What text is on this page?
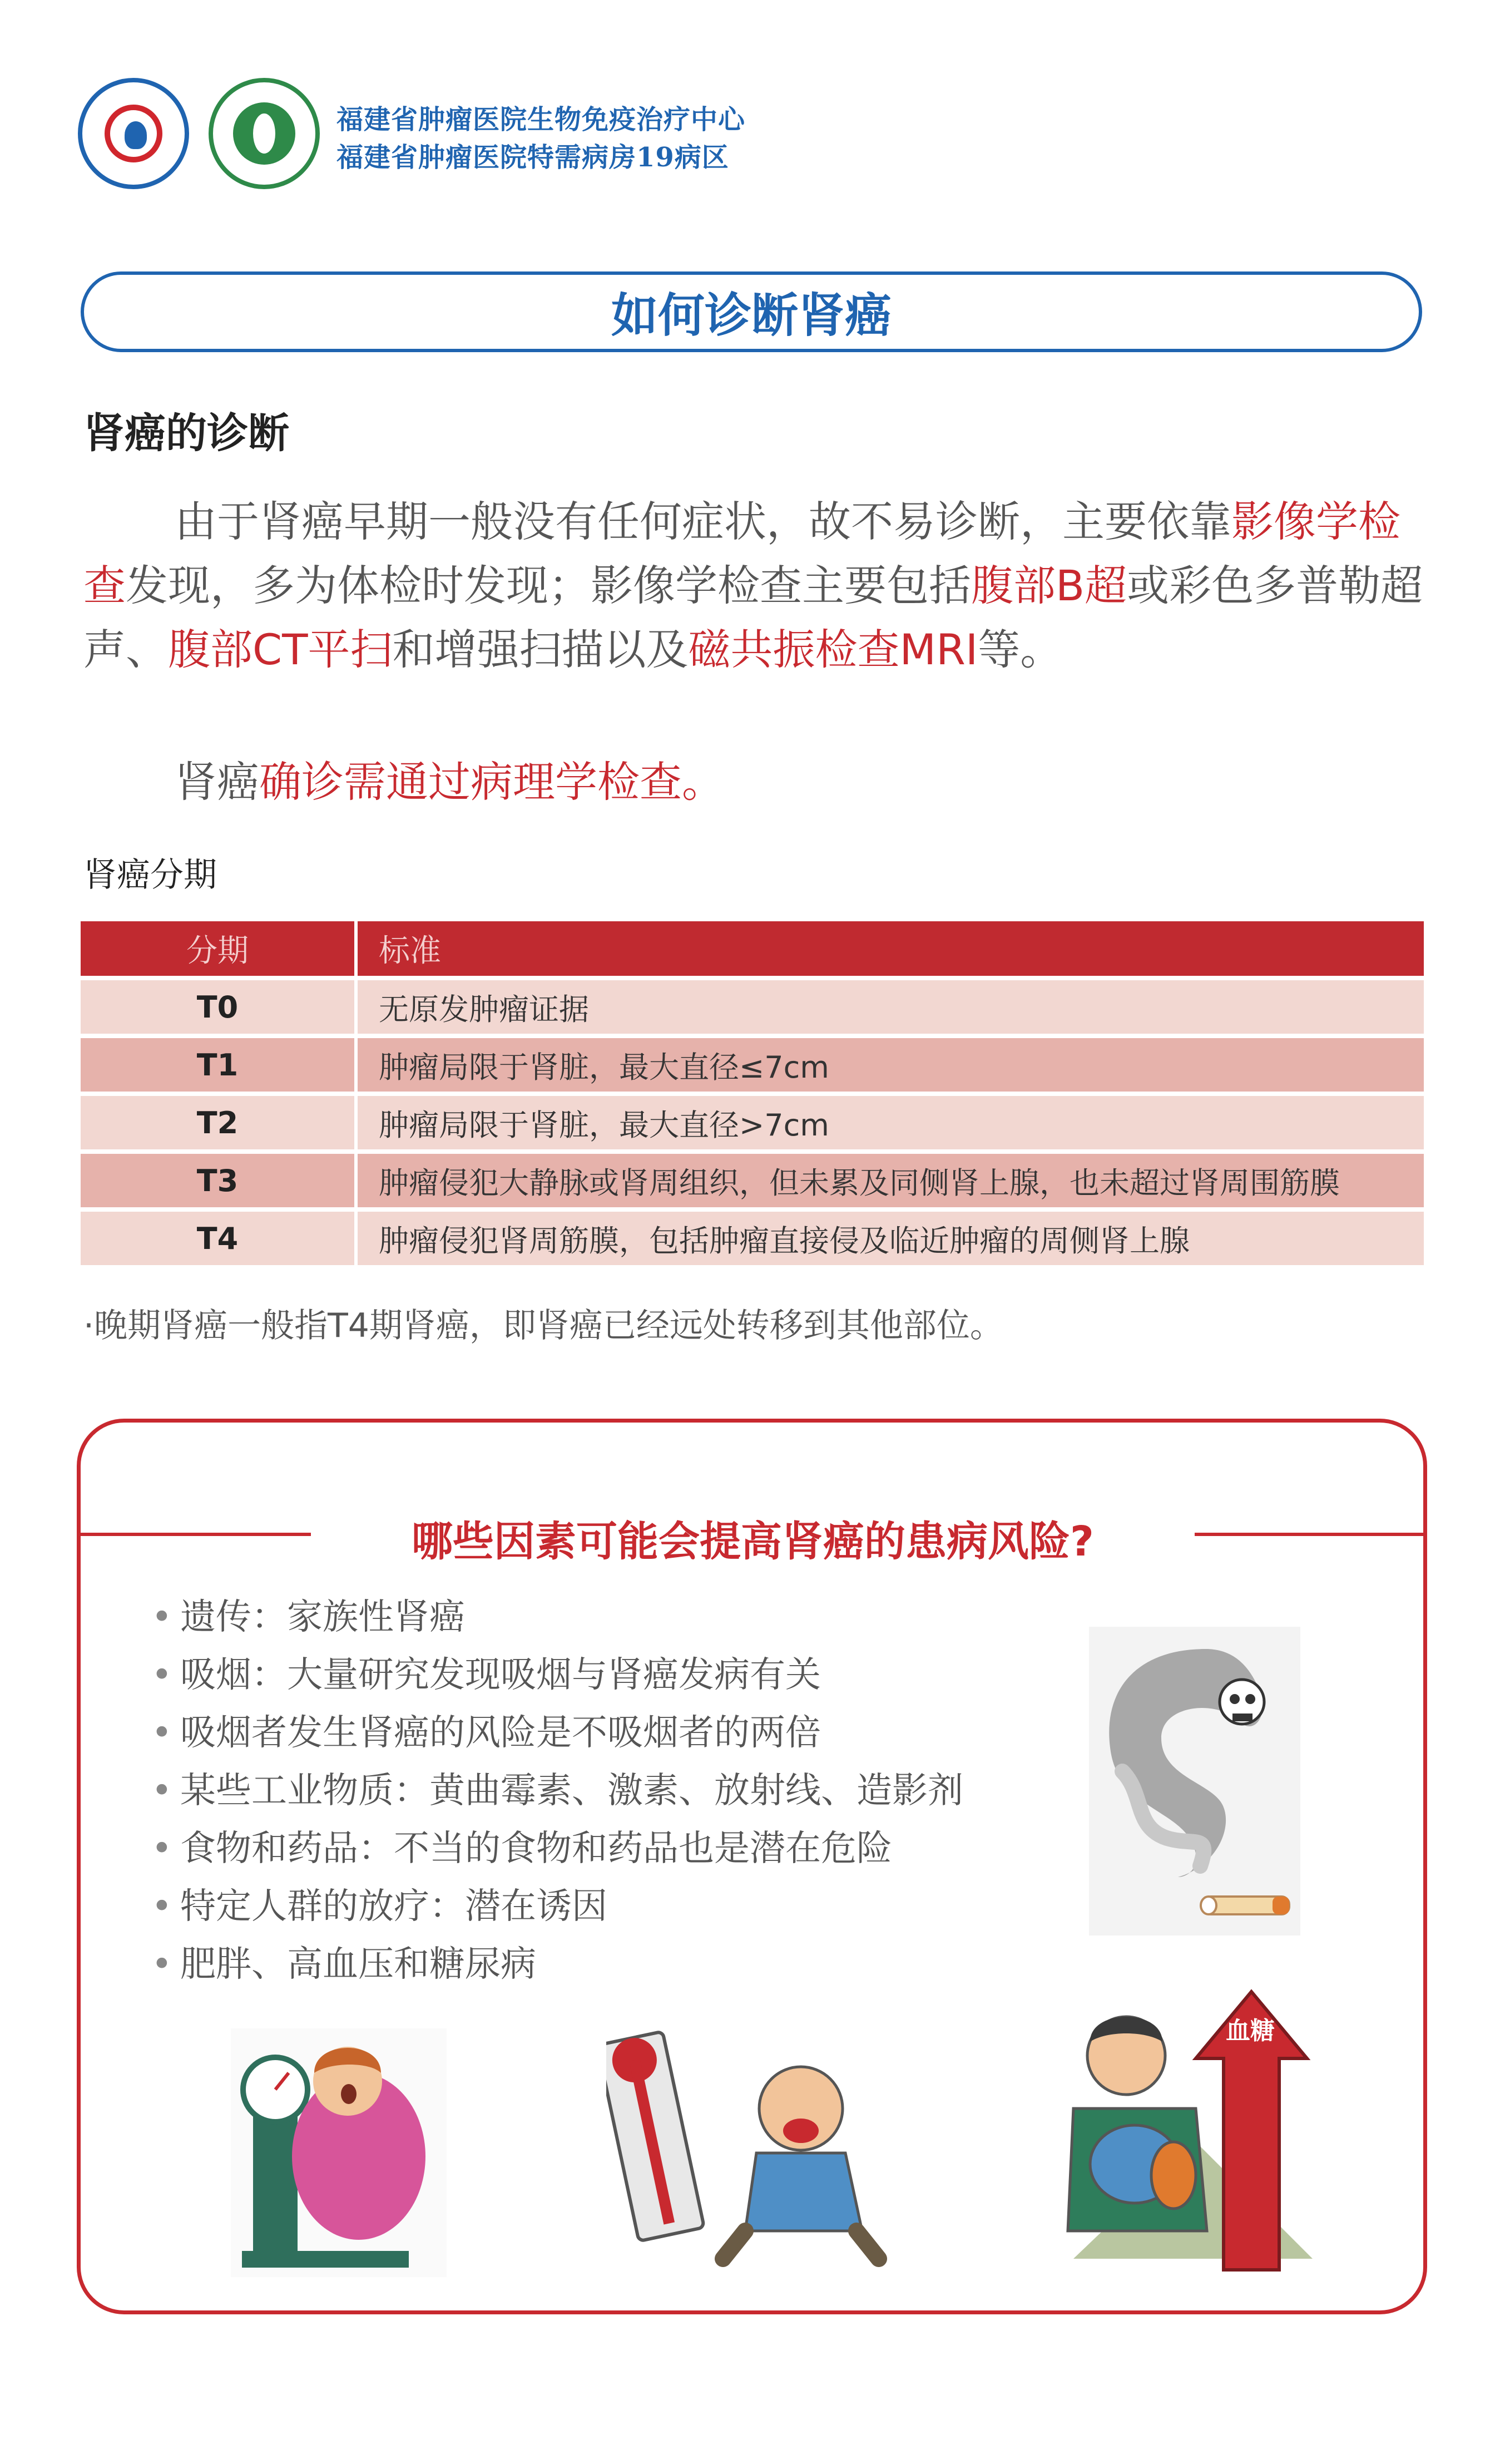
福建省肿瘤医院生物免疫治疗中心
福建省肿瘤医院特需病房19病区
如何诊断肾癌
肾癌的诊断

由于肾癌早期一般没有任何症状，故不易诊断，主要依靠影像学检查发现，多为体检时发现；影像学检查主要包括腹部B超或彩色多普勒超声、腹部CT平扫和增强扫描以及磁共振检查MRI等。

肾癌确诊需通过病理学检查。

肾癌分期
分期	标准
T0	无原发肿瘤证据
T1	肿瘤局限于肾脏，最大直径≤7cm
T2	肿瘤局限于肾脏，最大直径>7cm
T3	肿瘤侵犯大静脉或肾周组织，但未累及同侧肾上腺，也未超过肾周围筋膜
T4	肿瘤侵犯肾周筋膜，包括肿瘤直接侵及临近肿瘤的周侧肾上腺
·晚期肾癌一般指T4期肾癌，即肾癌已经远处转移到其他部位。
哪些因素可能会提高肾癌的患病风险?
• 遗传：家族性肾癌
• 吸烟：大量研究发现吸烟与肾癌发病有关
• 吸烟者发生肾癌的风险是不吸烟者的两倍
• 某些工业物质：黄曲霉素、激素、放射线、造影剂
• 食物和药品：不当的食物和药品也是潜在危险
• 特定人群的放疗：潜在诱因
• 肥胖、高血压和糖尿病
血糖
